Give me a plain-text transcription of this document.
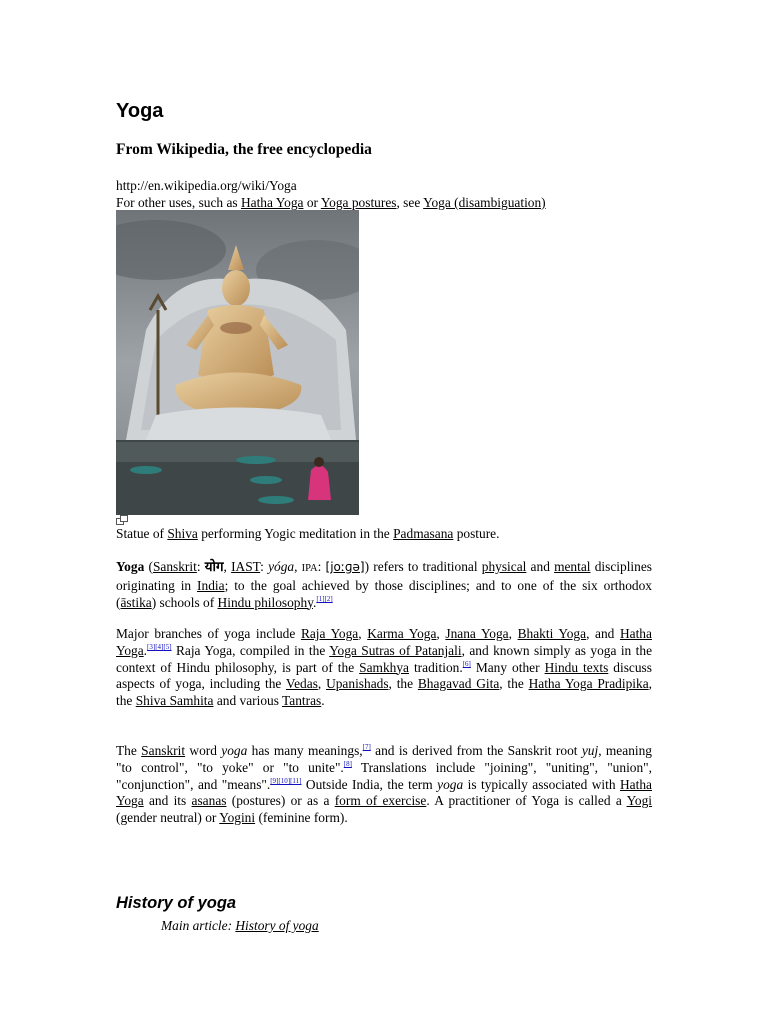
Yoga
From Wikipedia, the free encyclopedia
http://en.wikipedia.org/wiki/Yoga
For other uses, such as Hatha Yoga or Yoga postures, see Yoga (disambiguation)
Statue of Shiva performing Yogic meditation in the Padmasana posture.

Yoga (Sanskrit: योग, IAST: yóga, IPA: [joːɡə]) refers to traditional physical and mental disciplines originating in India; to the goal achieved by those disciplines; and to one of the six orthodox (āstika) schools of Hindu philosophy.[1][2]

Major branches of yoga include Raja Yoga, Karma Yoga, Jnana Yoga, Bhakti Yoga, and Hatha Yoga.[3][4][5] Raja Yoga, compiled in the Yoga Sutras of Patanjali, and known simply as yoga in the context of Hindu philosophy, is part of the Samkhya tradition.[6] Many other Hindu texts discuss aspects of yoga, including the Vedas, Upanishads, the Bhagavad Gita, the Hatha Yoga Pradipika, the Shiva Samhita and various Tantras.

The Sanskrit word yoga has many meanings,[7] and is derived from the Sanskrit root yuj, meaning "to control", "to yoke" or "to unite".[8] Translations include "joining", "uniting", "union", "conjunction", and "means".[9][10][11] Outside India, the term yoga is typically associated with Hatha Yoga and its asanas (postures) or as a form of exercise. A practitioner of Yoga is called a Yogi (gender neutral) or Yogini (feminine form).

History of yoga
Main article: History of yoga
